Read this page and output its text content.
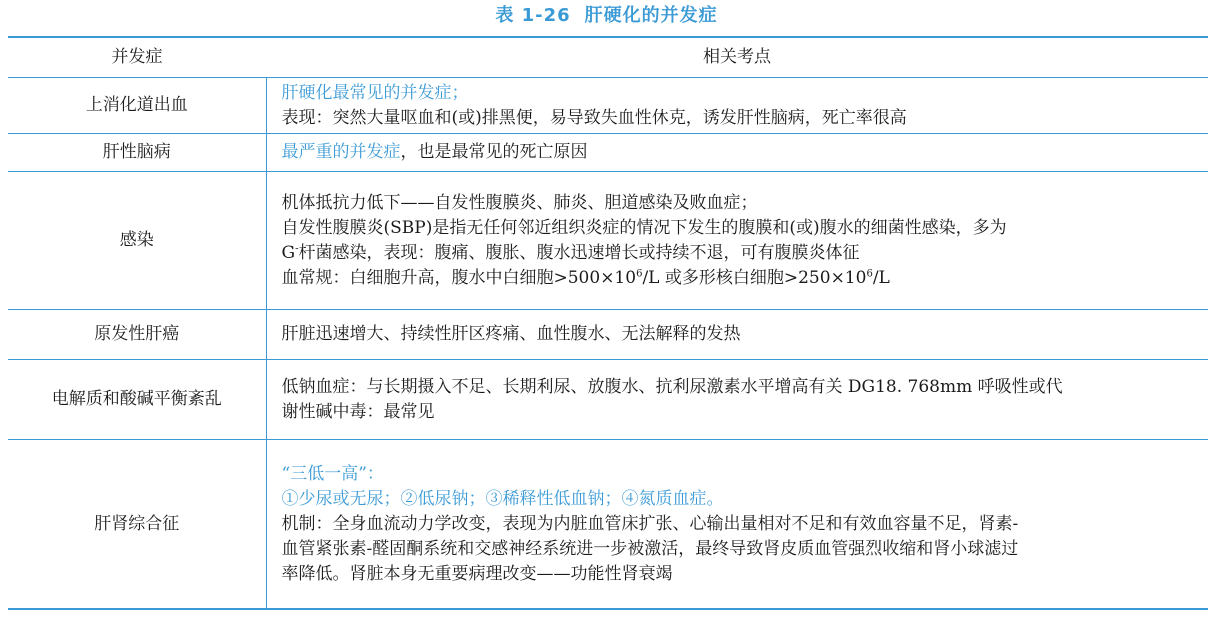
表 1-26 肝硬化的并发症
并发症	相关考点
上消化道出血	肝硬化最常见的并发症；
表现：突然大量呕血和(或)排黑便，易导致失血性休克，诱发肝性脑病，死亡率很高

肝性脑病	最严重的并发症，也是最常见的死亡原因

感染	机体抵抗力低下——自发性腹膜炎、肺炎、胆道感染及败血症；
自发性腹膜炎(SBP)是指无任何邻近组织炎症的情况下发生的腹膜和(或)腹水的细菌性感染，多为
G-杆菌感染，表现：腹痛、腹胀、腹水迅速增长或持续不退，可有腹膜炎体征
血常规：白细胞升高，腹水中白细胞$>500\times 10^6/L$ 或多形核白细胞$>250\times 10^6/L$

原发性肝癌	肝脏迅速增大、持续性肝区疼痛、血性腹水、无法解释的发热

电解质和酸碱平衡紊乱	低钠血症：与长期摄入不足、长期利尿、放腹水、抗利尿激素水平增高有关 DG18. 768mm 呼吸性或代
谢性碱中毒：最常见

肝肾综合征	“三低一高”：
①少尿或无尿；②低尿钠；③稀释性低血钠；④氮质血症。
机制：全身血流动力学改变，表现为内脏血管床扩张、心输出量相对不足和有效血容量不足，肾素-
血管紧张素-醛固酮系统和交感神经系统进一步被激活，最终导致肾皮质血管强烈收缩和肾小球滤过
率降低。肾脏本身无重要病理改变——功能性肾衰竭
